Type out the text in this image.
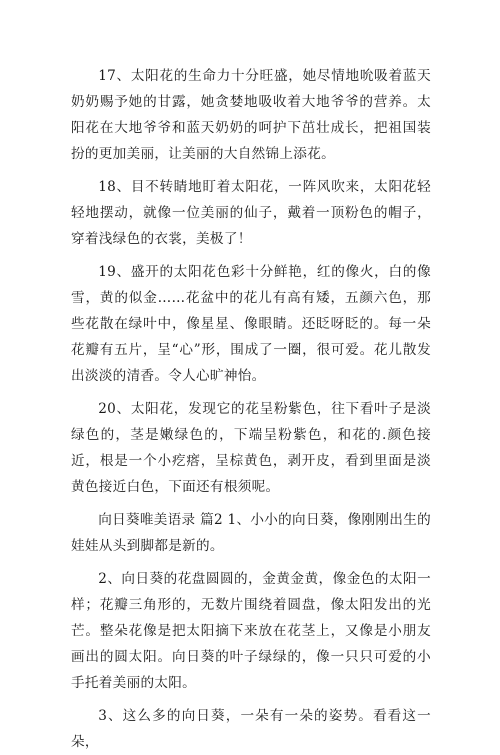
17、太阳花的生命力十分旺盛，她尽情地吮吸着蓝天奶奶赐予她的甘露，她贪婪地吸收着大地爷爷的营养。太阳花在大地爷爷和蓝天奶奶的呵护下茁壮成长，把祖国装扮的更加美丽，让美丽的大自然锦上添花。

18、目不转睛地盯着太阳花，一阵风吹来，太阳花轻轻地摆动，就像一位美丽的仙子，戴着一顶粉色的帽子，穿着浅绿色的衣裳，美极了！

19、盛开的太阳花色彩十分鲜艳，红的像火，白的像雪，黄的似金……花盆中的花儿有高有矮，五颜六色，那些花散在绿叶中，像星星、像眼睛。还眨呀眨的。每一朵花瓣有五片，呈“心”形，围成了一圈，很可爱。花儿散发出淡淡的清香。令人心旷神怡。

20、太阳花，发现它的花呈粉紫色，往下看叶子是淡绿色的，茎是嫩绿色的，下端呈粉紫色，和花的.颜色接近，根是一个小疙瘩，呈棕黄色，剥开皮，看到里面是淡黄色接近白色，下面还有根须呢。

向日葵唯美语录 篇2 1、小小的向日葵，像刚刚出生的娃娃从头到脚都是新的。

2、向日葵的花盘圆圆的，金黄金黄，像金色的太阳一样；花瓣三角形的，无数片围绕着圆盘，像太阳发出的光芒。整朵花像是把太阳摘下来放在花茎上，又像是小朋友画出的圆太阳。向日葵的叶子绿绿的，像一只只可爱的小手托着美丽的太阳。

3、这么多的向日葵，一朵有一朵的姿势。看看这一朵，
